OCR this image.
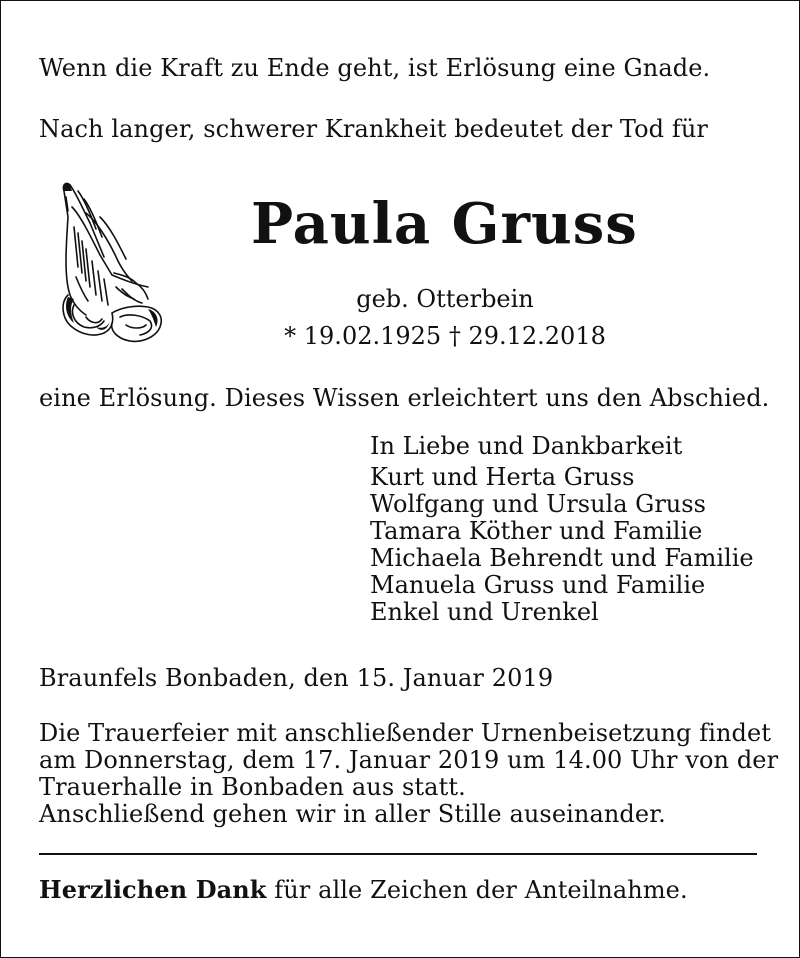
Wenn die Kraft zu Ende geht, ist Erlösung eine Gnade.

Nach langer, schwerer Krankheit bedeutet der Tod für

Paula Gruss

geb. Otterbein

* 19.02.1925 † 29.12.2018

eine Erlösung. Dieses Wissen erleichtert uns den Abschied.

In Liebe und Dankbarkeit
Kurt und Herta Gruss
Wolfgang und Ursula Gruss
Tamara Köther und Familie
Michaela Behrendt und Familie
Manuela Gruss und Familie
Enkel und Urenkel

Braunfels Bonbaden, den 15. Januar 2019

Die Trauerfeier mit anschließender Urnenbeisetzung findet

am Donnerstag, dem 17. Januar 2019 um 14.00 Uhr von der

Trauerhalle in Bonbaden aus statt.

Anschließend gehen wir in aller Stille auseinander.

Herzlichen Dank für alle Zeichen der Anteilnahme.
